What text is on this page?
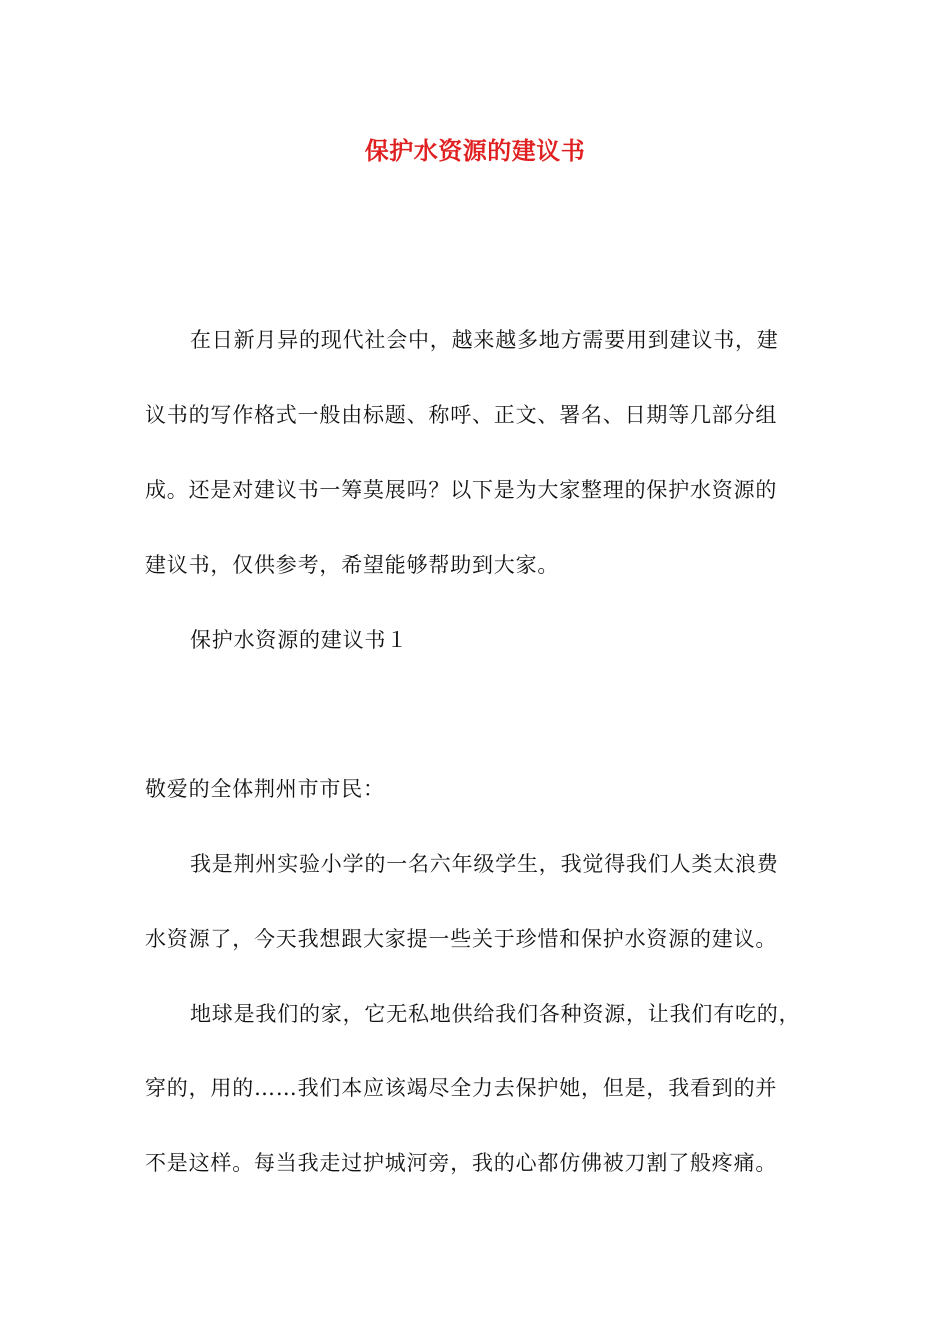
保护水资源的建议书
在日新月异的现代社会中，越来越多地方需要用到建议书，建
议书的写作格式一般由标题、称呼、正文、署名、日期等几部分组
成。还是对建议书一筹莫展吗？以下是为大家整理的保护水资源的
建议书，仅供参考，希望能够帮助到大家。
保护水资源的建议书１
敬爱的全体荆州市市民：
我是荆州实验小学的一名六年级学生，我觉得我们人类太浪费
水资源了，今天我想跟大家提一些关于珍惜和保护水资源的建议。
地球是我们的家，它无私地供给我们各种资源，让我们有吃的，
穿的，用的……我们本应该竭尽全力去保护她，但是，我看到的并
不是这样。每当我走过护城河旁，我的心都仿佛被刀割了般疼痛。
